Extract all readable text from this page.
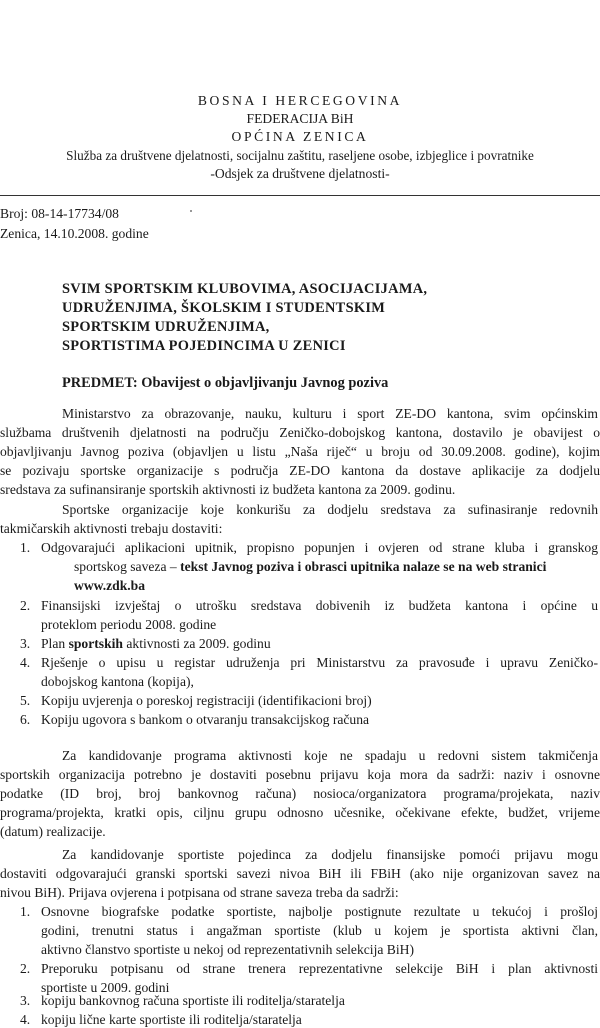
BOSNA I HERCEGOVINA
FEDERACIJA BiH
OPĆINA ZENICA
Služba za društvene djelatnosti, socijalnu zaštitu, raseljene osobe, izbjeglice i povratnike
-Odsjek za društvene djelatnosti-
Broj: 08-14-17734/08
Zenica, 14.10.2008. godine
SVIM SPORTSKIM KLUBOVIMA, ASOCIJACIJAMA,
UDRUŽENJIMA, ŠKOLSKIM I STUDENTSKIM
SPORTSKIM UDRUŽENJIMA,
SPORTISTIMA POJEDINCIMA U ZENICI
PREDMET: Obavijest o objavljivanju Javnog poziva
Ministarstvo za obrazovanje, nauku, kulturu i sport ZE-DO kantona, svim općinskim
službama društvenih djelatnosti na području Zeničko-dobojskog kantona, dostavilo je obavijest o
objavljivanju Javnog poziva (objavljen u listu „Naša riječ“ u broju od 30.09.2008. godine), kojim
se pozivaju sportske organizacije s područja ZE-DO kantona da dostave aplikacije za dodjelu
sredstava za sufinansiranje sportskih aktivnosti iz budžeta kantona za 2009. godinu.
Sportske organizacije koje konkurišu za dodjelu sredstava za sufinasiranje redovnih
takmičarskih aktivnosti trebaju dostaviti:
1. Odgovarajući aplikacioni upitnik, propisno popunjen i ovjeren od strane kluba i granskog
sportskog saveza – tekst Javnog poziva i obrasci upitnika nalaze se na web stranici
www.zdk.ba
2. Finansijski izvještaj o utrošku sredstava dobivenih iz budžeta kantona i općine u
proteklom periodu 2008. godine
3. Plan sportskih aktivnosti za 2009. godinu
4. Rješenje o upisu u registar udruženja pri Ministarstvu za pravosuđe i upravu Zeničko-
dobojskog kantona (kopija),
5. Kopiju uvjerenja o poreskoj registraciji (identifikacioni broj)
6. Kopiju ugovora s bankom o otvaranju transakcijskog računa
Za kandidovanje programa aktivnosti koje ne spadaju u redovni sistem takmičenja
sportskih organizacija potrebno je dostaviti posebnu prijavu koja mora da sadrži: naziv i osnovne
podatke (ID broj, broj bankovnog računa) nosioca/organizatora programa/projekata, naziv
programa/projekta, kratki opis, ciljnu grupu odnosno učesnike, očekivane efekte, budžet, vrijeme
(datum) realizacije.
Za kandidovanje sportiste pojedinca za dodjelu finansijske pomoći prijavu mogu
dostaviti odgovarajući granski sportski savezi nivoa BiH ili FBiH (ako nije organizovan savez na
nivou BiH). Prijava ovjerena i potpisana od strane saveza treba da sadrži:
1. Osnovne biografske podatke sportiste, najbolje postignute rezultate u tekućoj i prošloj
godini, trenutni status i angažman sportiste (klub u kojem je sportista aktivni član,
aktivno članstvo sportiste u nekoj od reprezentativnih selekcija BiH)
2. Preporuku potpisanu od strane trenera reprezentativne selekcije BiH i plan aktivnosti
sportiste u 2009. godini
3. kopiju bankovnog računa sportiste ili roditelja/staratelja
4. kopiju lične karte sportiste ili roditelja/staratelja
